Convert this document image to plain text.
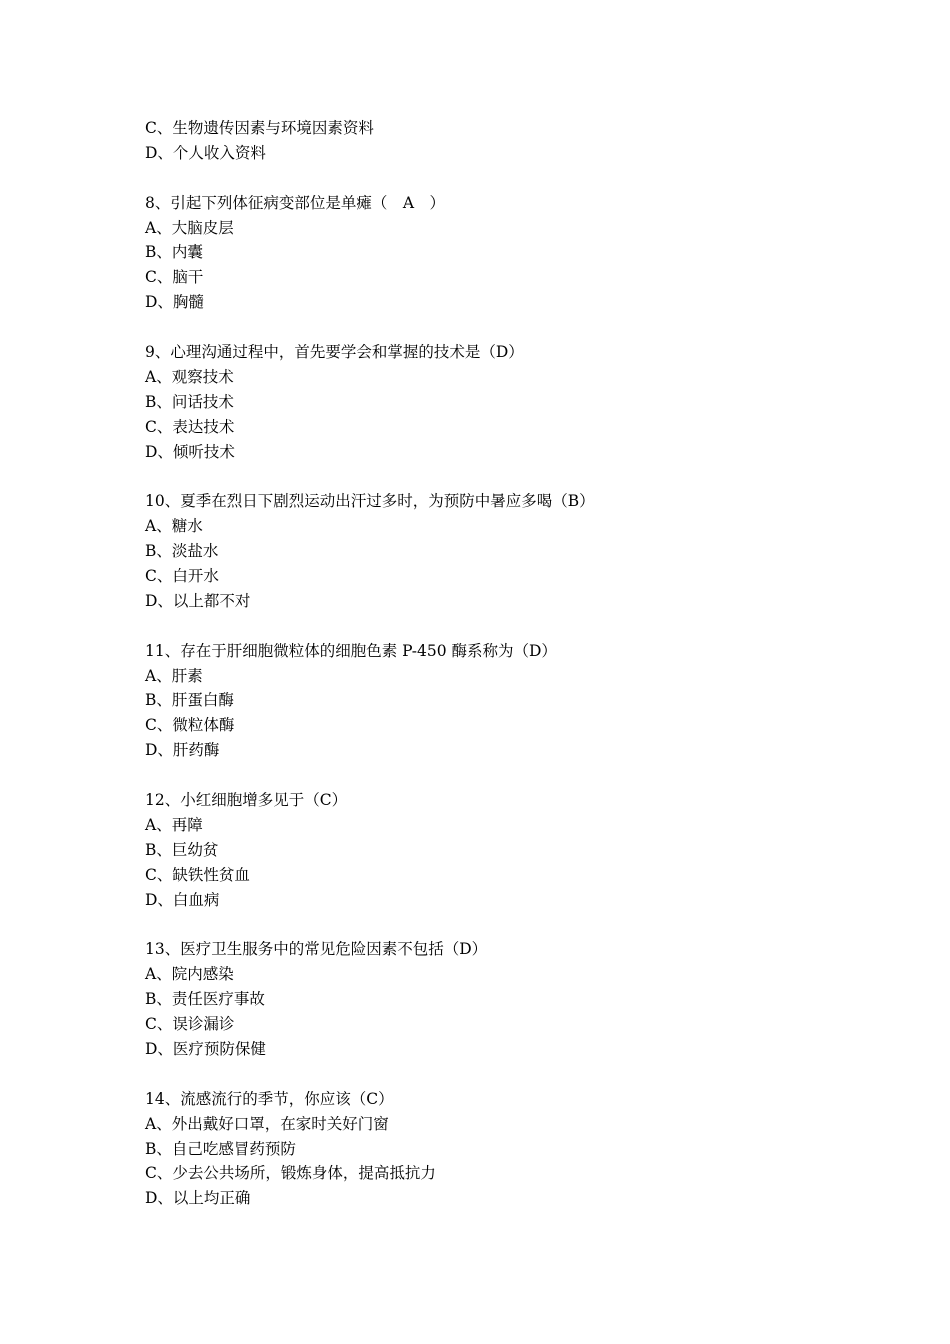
C、生物遗传因素与环境因素资料
D、个人收入资料
8、引起下列体征病变部位是单瘫（　A　）
A、大脑皮层
B、内囊
C、脑干
D、胸髓
9、心理沟通过程中，首先要学会和掌握的技术是（D）
A、观察技术
B、问话技术
C、表达技术
D、倾听技术
10、夏季在烈日下剧烈运动出汗过多时，为预防中暑应多喝（B）
A、糖水
B、淡盐水
C、白开水
D、以上都不对
11、存在于肝细胞微粒体的细胞色素 P-450 酶系称为（D）
A、肝素
B、肝蛋白酶
C、微粒体酶
D、肝药酶
12、小红细胞增多见于（C）
A、再障
B、巨幼贫
C、缺铁性贫血
D、白血病
13、医疗卫生服务中的常见危险因素不包括（D）
A、院内感染
B、责任医疗事故
C、误诊漏诊
D、医疗预防保健
14、流感流行的季节，你应该（C）
A、外出戴好口罩，在家时关好门窗
B、自己吃感冒药预防
C、少去公共场所，锻炼身体，提高抵抗力
D、以上均正确
